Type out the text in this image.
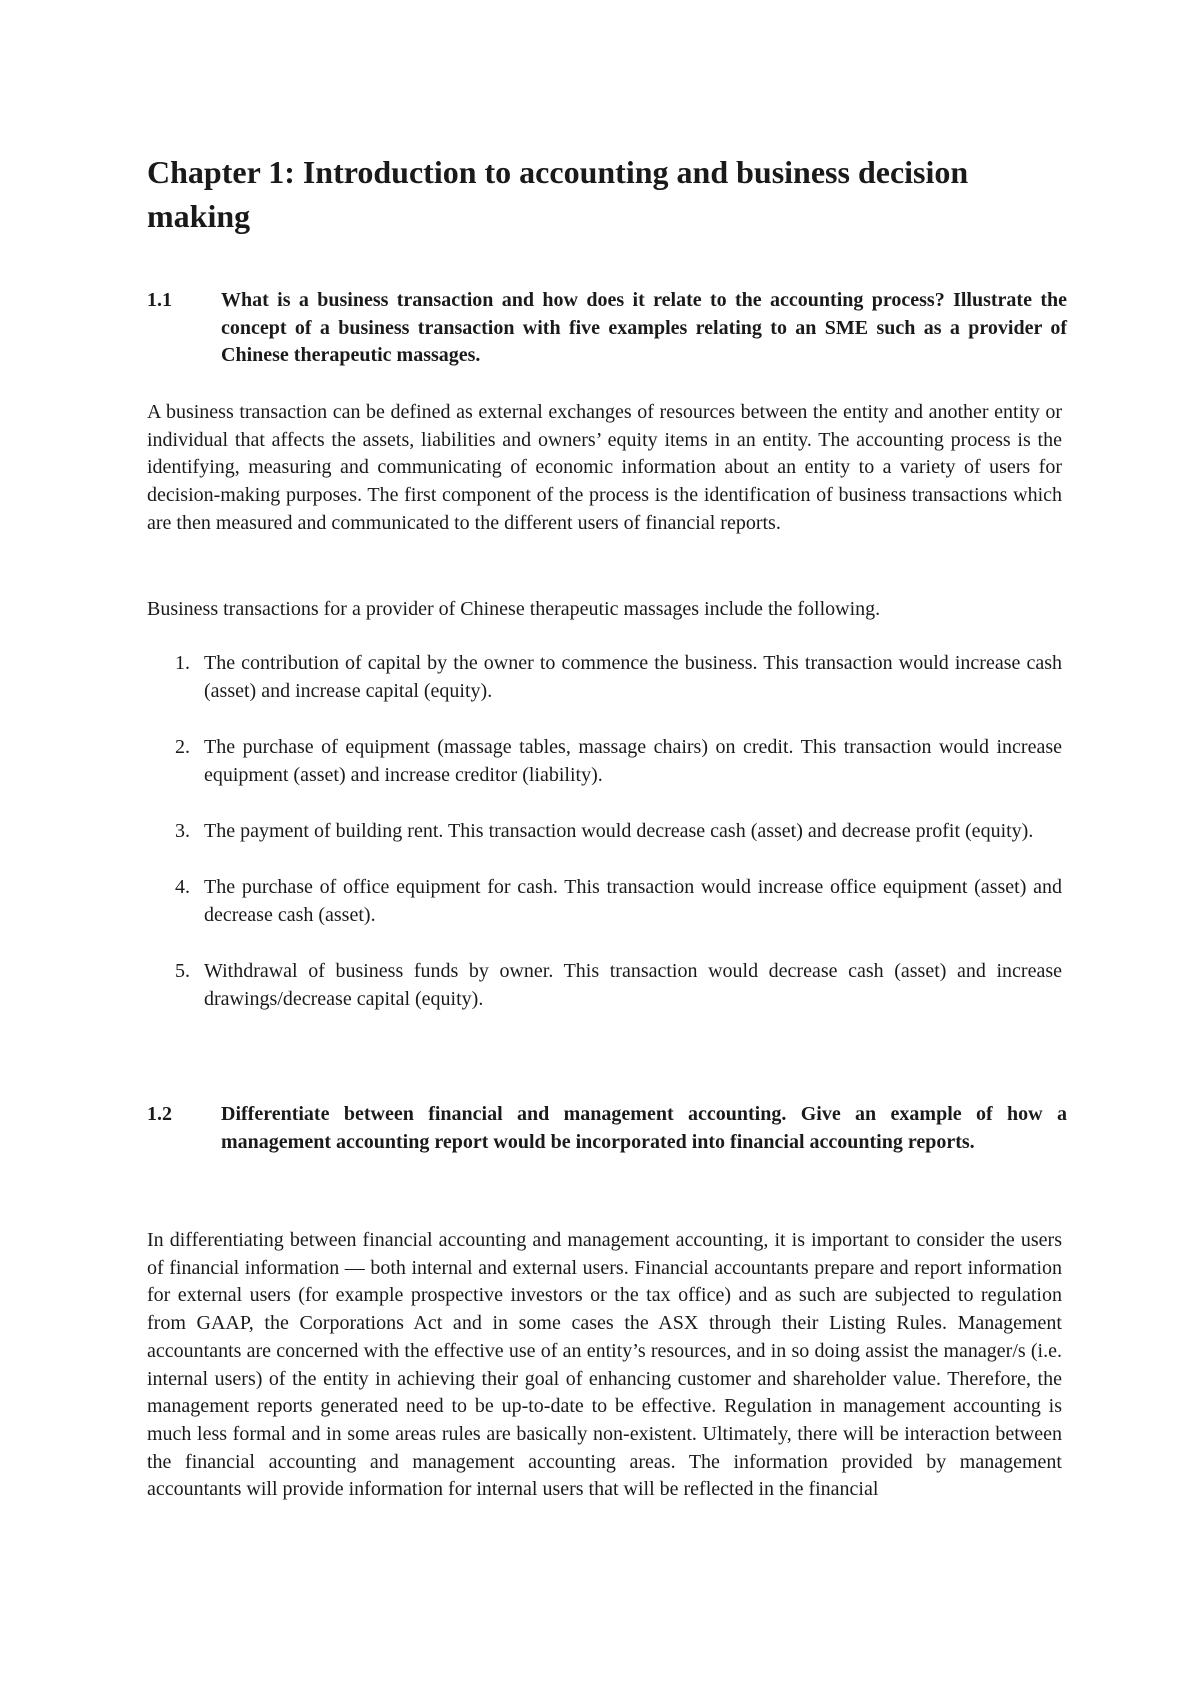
Chapter 1: Introduction to accounting and business decision making
1.1 What is a business transaction and how does it relate to the accounting process? Illustrate the concept of a business transaction with five examples relating to an SME such as a provider of Chinese therapeutic massages.

A business transaction can be defined as external exchanges of resources between the entity and another entity or individual that affects the assets, liabilities and owners’ equity items in an entity. The accounting process is the identifying, measuring and communicating of economic information about an entity to a variety of users for decision-making purposes. The first component of the process is the identification of business transactions which are then measured and communicated to the different users of financial reports.

Business transactions for a provider of Chinese therapeutic massages include the following.

1. The contribution of capital by the owner to commence the business. This transaction would increase cash (asset) and increase capital (equity).
2. The purchase of equipment (massage tables, massage chairs) on credit. This transaction would increase equipment (asset) and increase creditor (liability).
3. The payment of building rent. This transaction would decrease cash (asset) and decrease profit (equity).
4. The purchase of office equipment for cash. This transaction would increase office equipment (asset) and decrease cash (asset).
5. Withdrawal of business funds by owner. This transaction would decrease cash (asset) and increase drawings/decrease capital (equity).
1.2 Differentiate between financial and management accounting. Give an example of how a management accounting report would be incorporated into financial accounting reports.

In differentiating between financial accounting and management accounting, it is important to consider the users of financial information — both internal and external users. Financial accountants prepare and report information for external users (for example prospective investors or the tax office) and as such are subjected to regulation from GAAP, the Corporations Act and in some cases the ASX through their Listing Rules. Management accountants are concerned with the effective use of an entity’s resources, and in so doing assist the manager/s (i.e. internal users) of the entity in achieving their goal of enhancing customer and shareholder value. Therefore, the management reports generated need to be up-to-date to be effective. Regulation in management accounting is much less formal and in some areas rules are basically non-existent. Ultimately, there will be interaction between the financial accounting and management accounting areas. The information provided by management accountants will provide information for internal users that will be reflected in the financial
